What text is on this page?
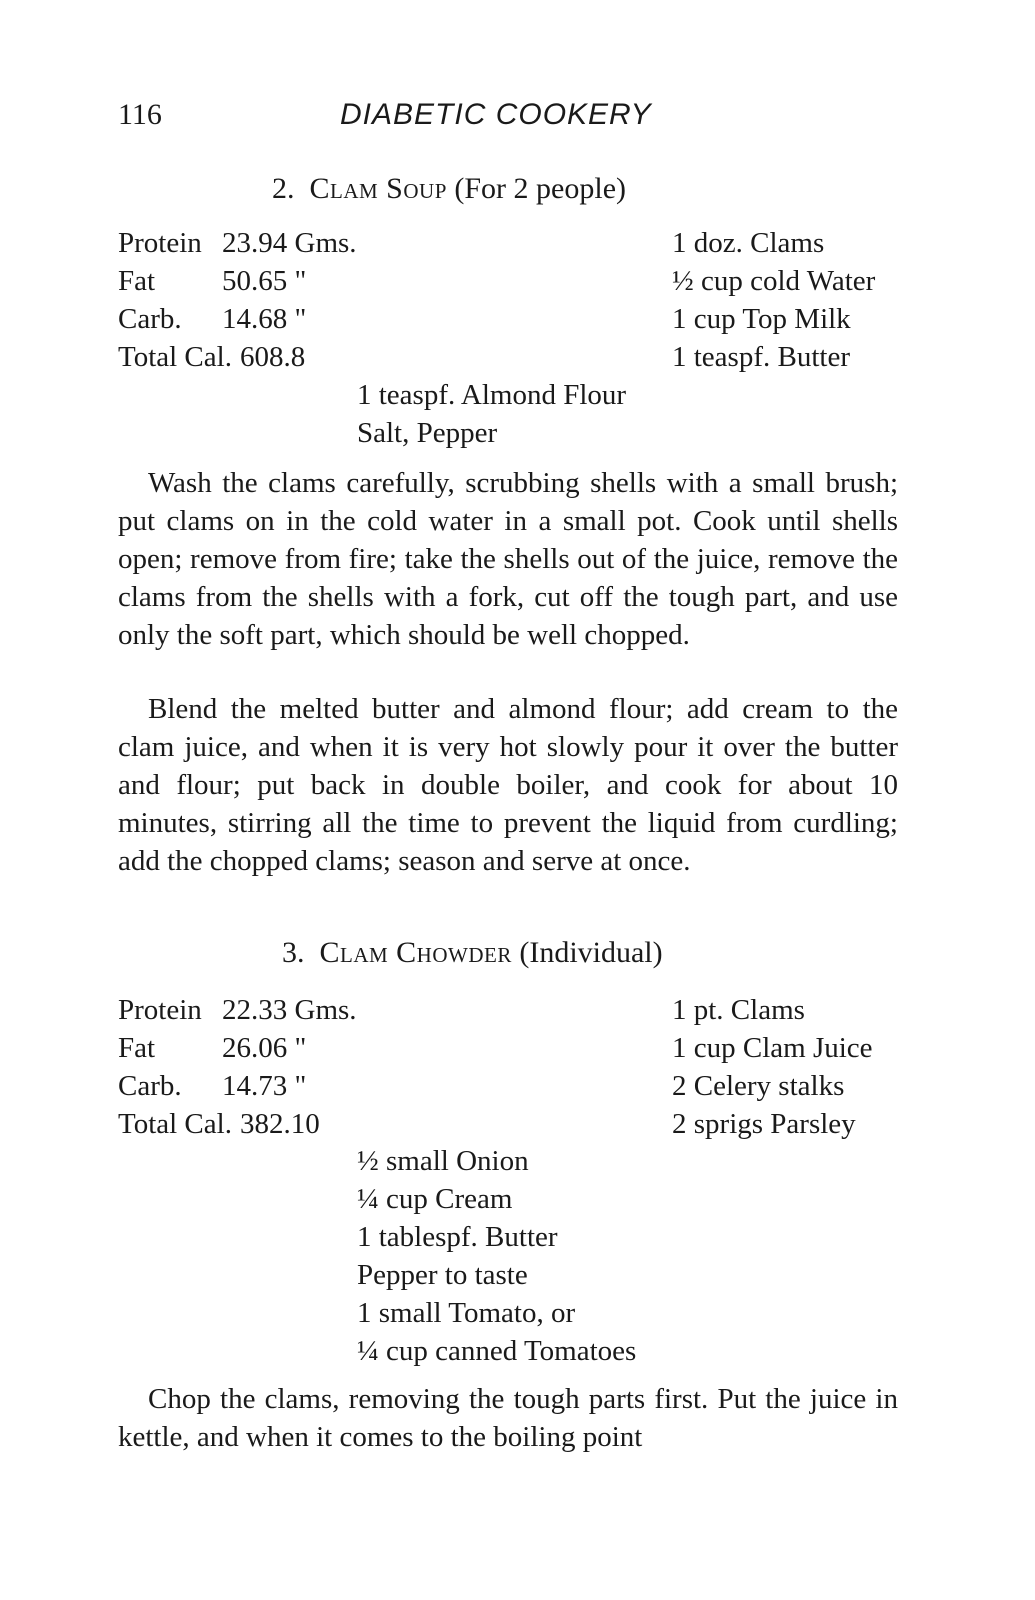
116	DIABETIC COOKERY
2. Clam Soup (For 2 people)
Protein 23.94 Gms.
Fat	50.65 "
Carb.	14.68 "
Total Cal. 608.8
1 doz. Clams
½ cup cold Water
1 cup Top Milk
1 teaspf. Butter
1 teaspf. Almond Flour
Salt, Pepper

Wash the clams carefully, scrubbing shells with a small brush; put clams on in the cold water in a small pot. Cook until shells open; remove from fire; take the shells out of the juice, remove the clams from the shells with a fork, cut off the tough part, and use only the soft part, which should be well chopped.

Blend the melted butter and almond flour; add cream to the clam juice, and when it is very hot slowly pour it over the butter and flour; put back in double boiler, and cook for about 10 minutes, stirring all the time to prevent the liquid from curdling; add the chopped clams; season and serve at once.

3. Clam Chowder (Individual)
Protein 22.33 Gms.
Fat	26.06 "
Carb.	14.73 "
Total Cal. 382.10
1 pt. Clams
1 cup Clam Juice
2 Celery stalks
2 sprigs Parsley
½ small Onion
¼ cup Cream
1 tablespf. Butter
Pepper to taste
1 small Tomato, or
¼ cup canned Tomatoes

Chop the clams, removing the tough parts first. Put the juice in kettle, and when it comes to the boiling point
